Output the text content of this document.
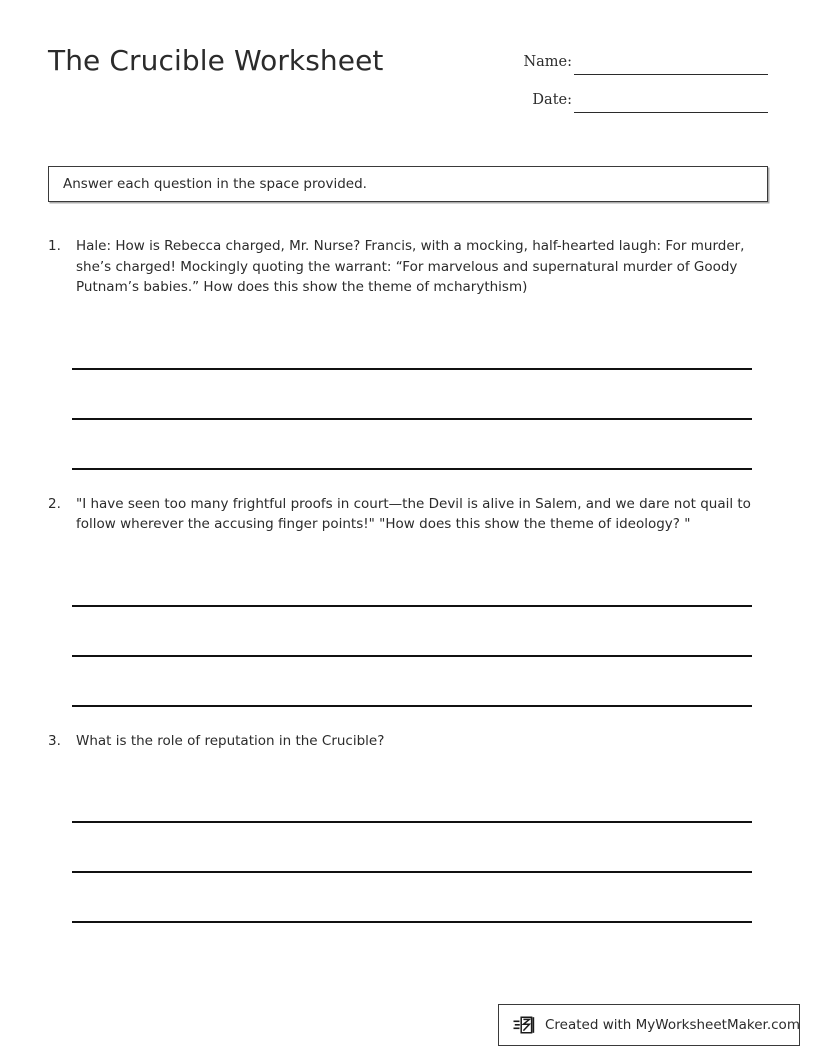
The Crucible Worksheet	Name:
Date:
Answer each question in the space provided.
1. Hale: How is Rebecca charged, Mr. Nurse? Francis, with a mocking, half-hearted laugh: For murder, she’s charged! Mockingly quoting the warrant: “For marvelous and supernatural murder of Goody Putnam’s babies.” How does this show the theme of mcharythism)
2. "I have seen too many frightful proofs in court—the Devil is alive in Salem, and we dare not quail to follow wherever the accusing finger points!" "How does this show the theme of ideology? "
3. What is the role of reputation in the Crucible?
Created with MyWorksheetMaker.com
